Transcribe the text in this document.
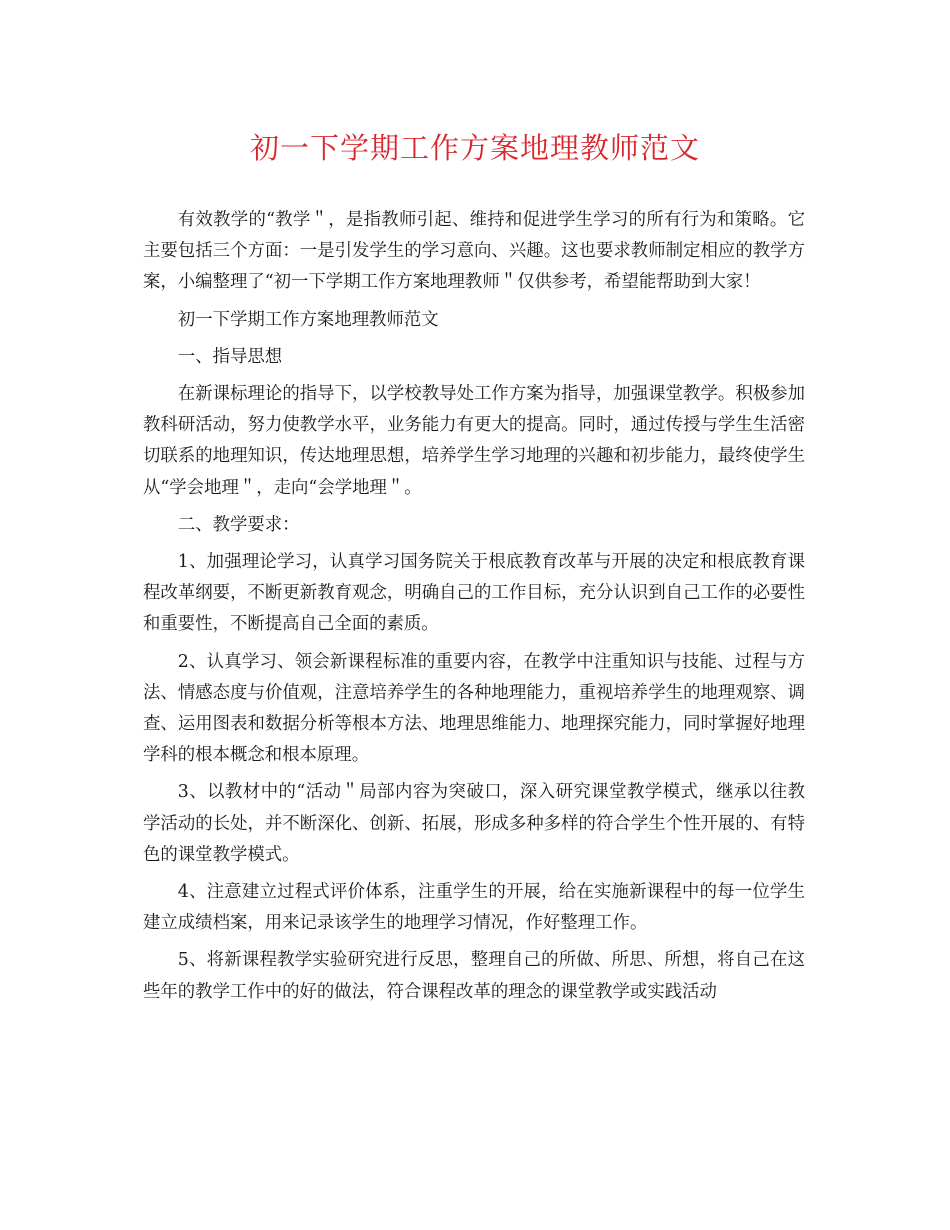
初一下学期工作方案地理教师范文

有效教学的“教学＂，是指教师引起、维持和促进学生学习的所有行为和策略。它主要包括三个方面：一是引发学生的学习意向、兴趣。这也要求教师制定相应的教学方案，小编整理了“初一下学期工作方案地理教师＂仅供参考，希望能帮助到大家！

初一下学期工作方案地理教师范文

一、指导思想

在新课标理论的指导下，以学校教导处工作方案为指导，加强课堂教学。积极参加教科研活动，努力使教学水平，业务能力有更大的提高。同时，通过传授与学生生活密切联系的地理知识，传达地理思想，培养学生学习地理的兴趣和初步能力，最终使学生从“学会地理＂，走向“会学地理＂。

二、教学要求：

1、加强理论学习，认真学习国务院关于根底教育改革与开展的决定和根底教育课程改革纲要，不断更新教育观念，明确自己的工作目标，充分认识到自己工作的必要性和重要性，不断提高自己全面的素质。

2、认真学习、领会新课程标准的重要内容，在教学中注重知识与技能、过程与方法、情感态度与价值观，注意培养学生的各种地理能力，重视培养学生的地理观察、调查、运用图表和数据分析等根本方法、地理思维能力、地理探究能力，同时掌握好地理学科的根本概念和根本原理。

3、以教材中的“活动＂局部内容为突破口，深入研究课堂教学模式，继承以往教学活动的长处，并不断深化、创新、拓展，形成多种多样的符合学生个性开展的、有特色的课堂教学模式。

4、注意建立过程式评价体系，注重学生的开展，给在实施新课程中的每一位学生建立成绩档案，用来记录该学生的地理学习情况，作好整理工作。

5、将新课程教学实验研究进行反思，整理自己的所做、所思、所想，将自己在这些年的教学工作中的好的做法，符合课程改革的理念的课堂教学或实践活动
